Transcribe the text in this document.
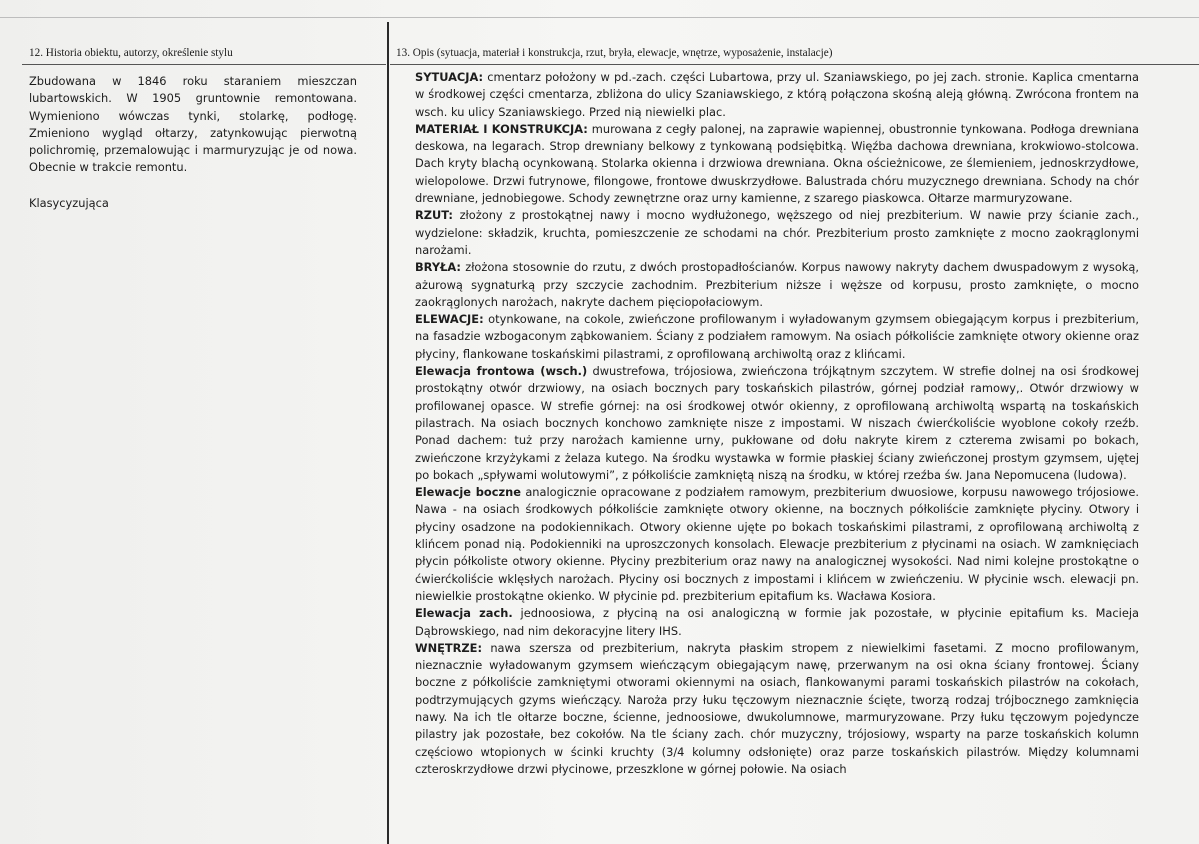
12. Historia obiektu, autorzy, określenie stylu	13. Opis (sytuacja, materiał i konstrukcja, rzut, bryła, elewacje, wnętrze, wyposażenie, instalacje)

Zbudowana w 1846 roku staraniem mieszczan lubartowskich. W 1905 gruntownie remontowana. Wymieniono wówczas tynki, stolarkę, podłogę. Zmieniono wygląd ołtarzy, zatynkowując pierwotną polichromię, przemalowując i marmuryzując je od nowa. Obecnie w trakcie remontu.

Klasycyzująca

SYTUACJA: cmentarz położony w pd.-zach. części Lubartowa, przy ul. Szaniawskiego, po jej zach. stronie. Kaplica cmentarna w środkowej części cmentarza, zbliżona do ulicy Szaniawskiego, z którą połączona skośną aleją główną. Zwrócona frontem na wsch. ku ulicy Szaniawskiego. Przed nią niewielki plac.

MATERIAŁ I KONSTRUKCJA: murowana z cegły palonej, na zaprawie wapiennej, obustronnie tynkowana. Podłoga drewniana deskowa, na legarach. Strop drewniany belkowy z tynkowaną podsiębitką. Więźba dachowa drewniana, krokwiowo-stolcowa. Dach kryty blachą ocynkowaną. Stolarka okienna i drzwiowa drewniana. Okna ościeżnicowe, ze ślemieniem, jednoskrzydłowe, wielopolowe. Drzwi futrynowe, filongowe, frontowe dwuskrzydłowe. Balustrada chóru muzycznego drewniana. Schody na chór drewniane, jednobiegowe. Schody zewnętrzne oraz urny kamienne, z szarego piaskowca. Ołtarze marmuryzowane.

RZUT: złożony z prostokątnej nawy i mocno wydłużonego, węższego od niej prezbiterium. W nawie przy ścianie zach., wydzielone: składzik, kruchta, pomieszczenie ze schodami na chór. Prezbiterium prosto zamknięte z mocno zaokrąglonymi narożami.

BRYŁA: złożona stosownie do rzutu, z dwóch prostopadłościanów. Korpus nawowy nakryty dachem dwuspadowym z wysoką, ażurową sygnaturką przy szczycie zachodnim. Prezbiterium niższe i węższe od korpusu, prosto zamknięte, o mocno zaokrąglonych narożach, nakryte dachem pięciopołaciowym.

ELEWACJE: otynkowane, na cokole, zwieńczone profilowanym i wyładowanym gzymsem obiegającym korpus i prezbiterium, na fasadzie wzbogaconym ząbkowaniem. Ściany z podziałem ramowym. Na osiach półkoliście zamknięte otwory okienne oraz płyciny, flankowane toskańskimi pilastrami, z oprofilowaną archiwoltą oraz z klińcami.

Elewacja frontowa (wsch.) dwustrefowa, trójosiowa, zwieńczona trójkątnym szczytem. W strefie dolnej na osi środkowej prostokątny otwór drzwiowy, na osiach bocznych pary toskańskich pilastrów, górnej podział ramowy,. Otwór drzwiowy w profilowanej opasce. W strefie górnej: na osi środkowej otwór okienny, z oprofilowaną archiwoltą wspartą na toskańskich pilastrach. Na osiach bocznych konchowo zamknięte nisze z impostami. W niszach ćwierćkoliście wyoblone cokoły rzeźb. Ponad dachem: tuż przy narożach kamienne urny, pukłowane od dołu nakryte kirem z czterema zwisami po bokach, zwieńczone krzyżykami z żelaza kutego. Na środku wystawka w formie płaskiej ściany zwieńczonej prostym gzymsem, ujętej po bokach „spływami wolutowymi”, z półkoliście zamkniętą niszą na środku, w której rzeźba św. Jana Nepomucena (ludowa).

Elewacje boczne analogicznie opracowane z podziałem ramowym, prezbiterium dwuosiowe, korpusu nawowego trójosiowe. Nawa - na osiach środkowych półkoliście zamknięte otwory okienne, na bocznych półkoliście zamknięte płyciny. Otwory i płyciny osadzone na podokiennikach. Otwory okienne ujęte po bokach toskańskimi pilastrami, z oprofilowaną archiwoltą z klińcem ponad nią. Podokienniki na uproszczonych konsolach. Elewacje prezbiterium z płycinami na osiach. W zamknięciach płycin półkoliste otwory okienne. Płyciny prezbiterium oraz nawy na analogicznej wysokości. Nad nimi kolejne prostokątne o ćwierćkoliście wklęsłych narożach. Płyciny osi bocznych z impostami i klińcem w zwieńczeniu. W płycinie wsch. elewacji pn. niewielkie prostokątne okienko. W płycinie pd. prezbiterium epitafium ks. Wacława Kosiora.

Elewacja zach. jednoosiowa, z płyciną na osi analogiczną w formie jak pozostałe, w płycinie epitafium ks. Macieja Dąbrowskiego, nad nim dekoracyjne litery IHS.

WNĘTRZE: nawa szersza od prezbiterium, nakryta płaskim stropem z niewielkimi fasetami. Z mocno profilowanym, nieznacznie wyładowanym gzymsem wieńczącym obiegającym nawę, przerwanym na osi okna ściany frontowej. Ściany boczne z półkoliście zamkniętymi otworami okiennymi na osiach, flankowanymi parami toskańskich pilastrów na cokołach, podtrzymujących gzyms wieńczący. Naroża przy łuku tęczowym nieznacznie ścięte, tworzą rodzaj trójbocznego zamknięcia nawy. Na ich tle ołtarze boczne, ścienne, jednoosiowe, dwukolumnowe, marmuryzowane. Przy łuku tęczowym pojedyncze pilastry jak pozostałe, bez cokołów. Na tle ściany zach. chór muzyczny, trójosiowy, wsparty na parze toskańskich kolumn częściowo wtopionych w ścinki kruchty (3/4 kolumny odsłonięte) oraz parze toskańskich pilastrów. Między kolumnami czteroskrzydłowe drzwi płycinowe, przeszklone w górnej połowie. Na osiach
